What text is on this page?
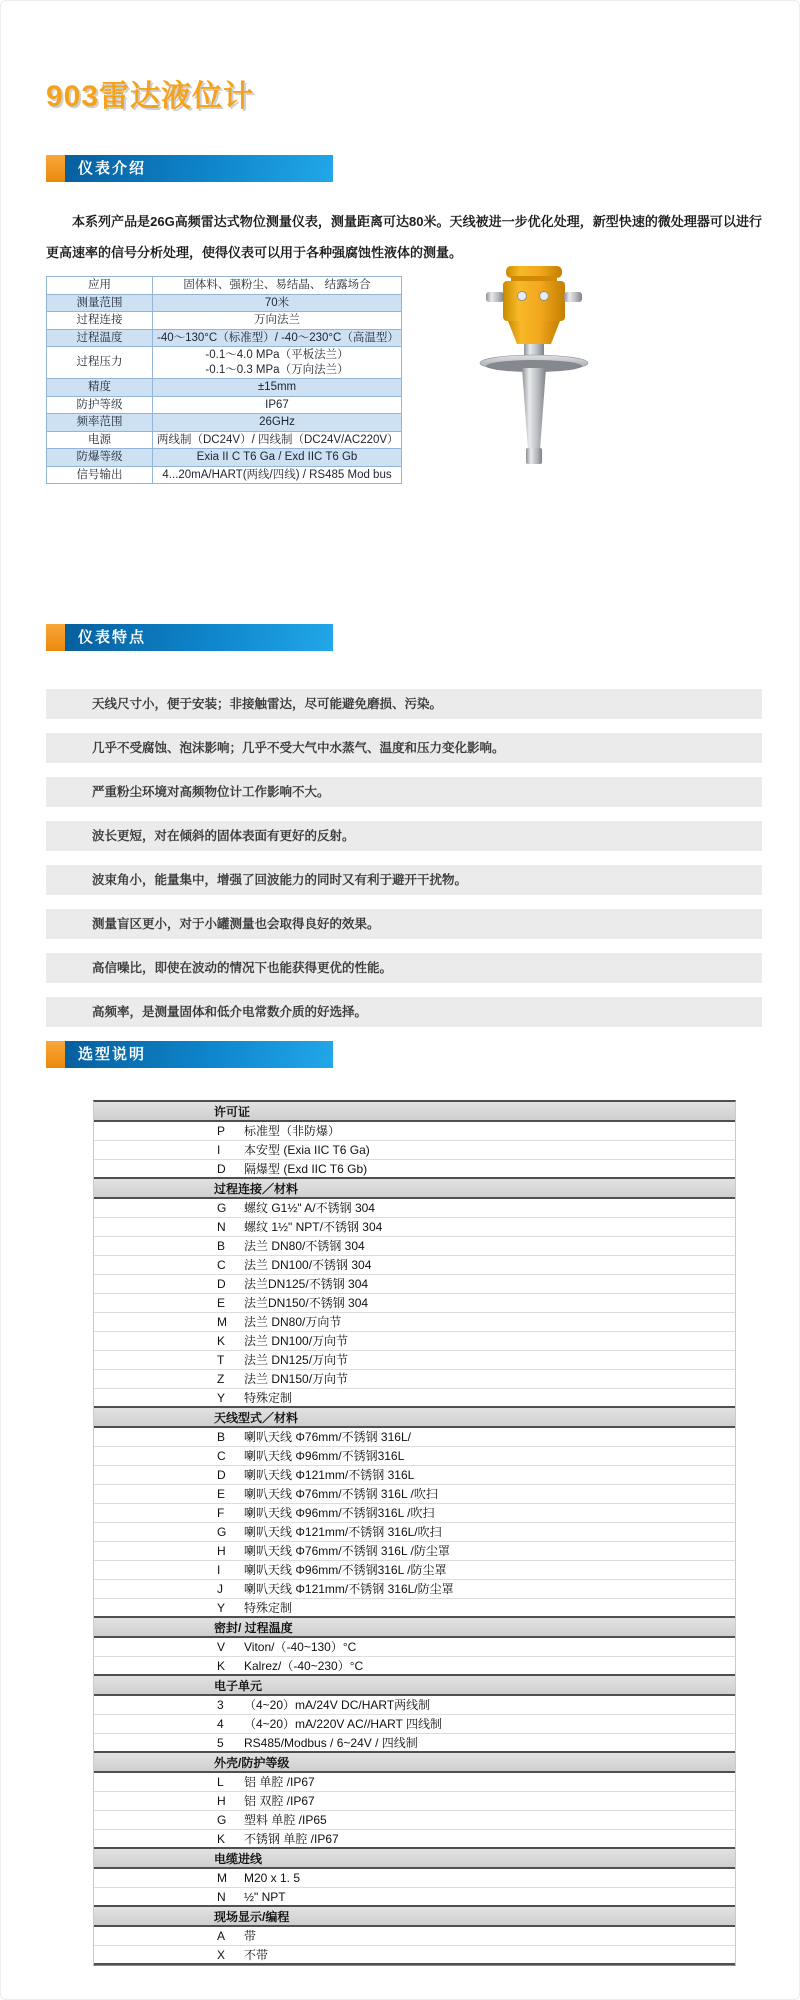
903雷达液位计
仪表介绍

本系列产品是26G高频雷达式物位测量仪表，测量距离可达80米。天线被进一步优化处理，新型快速的微处理器可以进行更高速率的信号分析处理，使得仪表可以用于各种强腐蚀性液体的测量。

应用	固体料、强粉尘、易结晶、 结露场合

测量范围	70米

过程连接	万向法兰

过程温度	-40～130°C（标准型）/ -40～230°C（高温型）

过程压力	-0.1～4.0 MPa（平板法兰）
-0.1～0.3 MPa（万向法兰）

精度	±15mm

防护等级	IP67

频率范围	26GHz

电源	两线制（DC24V）/ 四线制（DC24V/AC220V）

防爆等级	Exia II C T6 Ga / Exd IIC T6 Gb

信号输出	4...20mA/HART(两线/四线) / RS485 Mod bus
仪表特点
天线尺寸小，便于安装；非接触雷达，尽可能避免磨损、污染。
几乎不受腐蚀、泡沫影响；几乎不受大气中水蒸气、温度和压力变化影响。
严重粉尘环境对高频物位计工作影响不大。
波长更短，对在倾斜的固体表面有更好的反射。
波束角小，能量集中，增强了回波能力的同时又有利于避开干扰物。
测量盲区更小，对于小罐测量也会取得良好的效果。
高信噪比，即使在波动的情况下也能获得更优的性能。
高频率，是测量固体和低介电常数介质的好选择。
选型说明
许可证
P 标准型（非防爆）
I 本安型 (Exia IIC T6 Ga)
D 隔爆型 (Exd IIC T6 Gb)
过程连接／材料
G 螺纹 G1½" A/不锈钢 304
N 螺纹 1½" NPT/不锈钢 304
B 法兰 DN80/不锈钢 304
C 法兰 DN100/不锈钢 304
D 法兰DN125/不锈钢 304
E 法兰DN150/不锈钢 304
M 法兰 DN80/万向节
K 法兰 DN100/万向节
T 法兰 DN125/万向节
Z 法兰 DN150/万向节
Y 特殊定制
天线型式／材料
B 喇叭天线 Φ76mm/不锈钢 316L/
C 喇叭天线 Φ96mm/不锈钢316L
D 喇叭天线 Φ121mm/不锈钢 316L
E 喇叭天线 Φ76mm/不锈钢 316L /吹扫
F 喇叭天线 Φ96mm/不锈钢316L /吹扫
G 喇叭天线 Φ121mm/不锈钢 316L/吹扫
H 喇叭天线 Φ76mm/不锈钢 316L /防尘罩
I 喇叭天线 Φ96mm/不锈钢316L /防尘罩
J 喇叭天线 Φ121mm/不锈钢 316L/防尘罩
Y 特殊定制
密封/ 过程温度
V Viton/（-40~130）°C
K Kalrez/（-40~230）°C
电子单元
3 （4~20）mA/24V DC/HART两线制
4 （4~20）mA/220V AC//HART 四线制
5 RS485/Modbus / 6~24V / 四线制
外壳/防护等级
L 铝 单腔 /IP67
H 铝 双腔 /IP67
G 塑料 单腔 /IP65
K 不锈钢 单腔 /IP67
电缆进线
M M20 x 1. 5
N ½" NPT
现场显示/编程
A 带
X 不带
